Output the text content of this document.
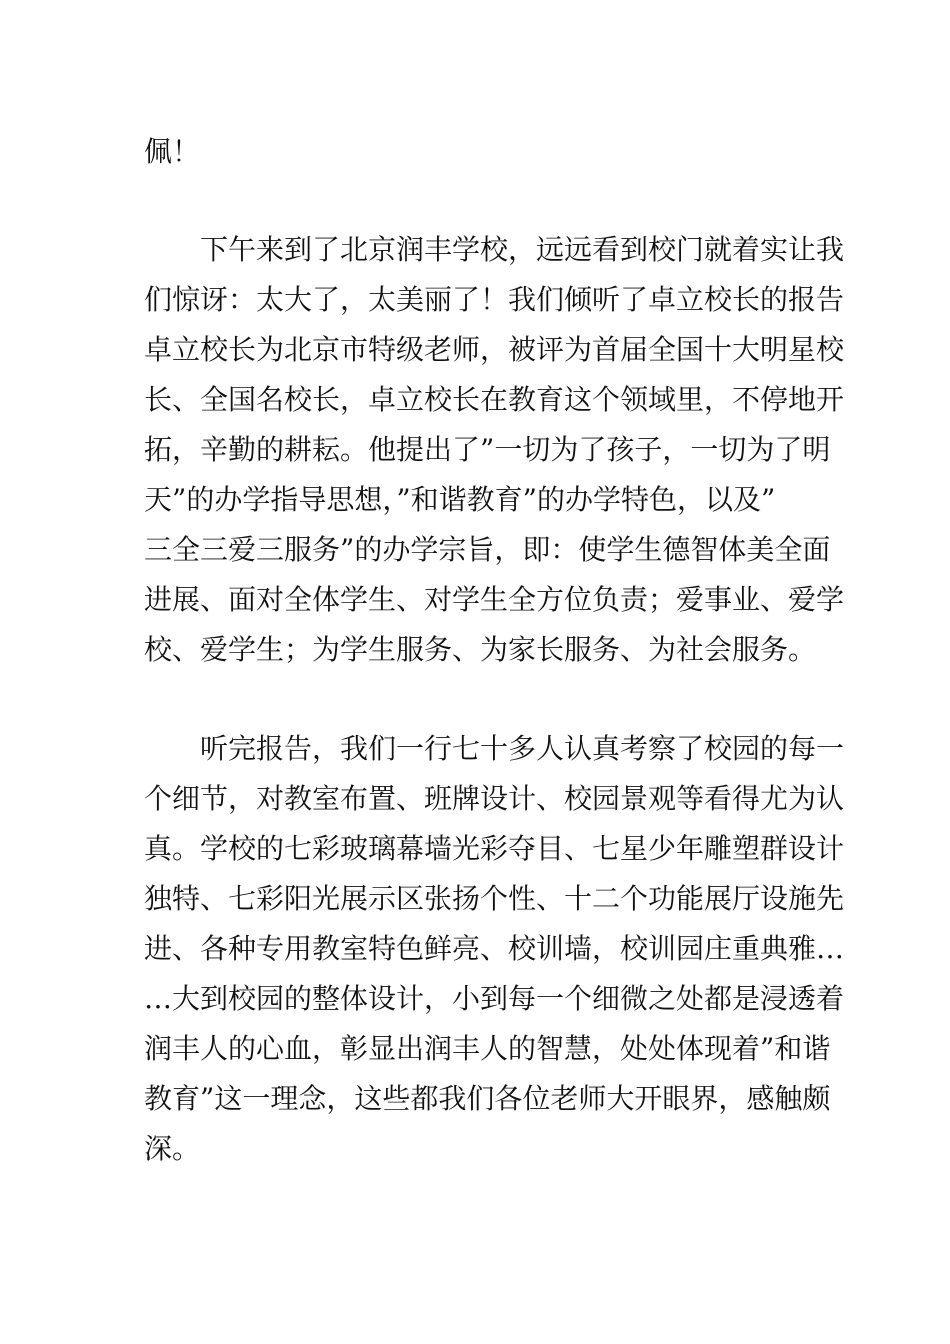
佩！
下午来到了北京润丰学校，远远看到校门就着实让我
们惊讶：太大了，太美丽了！我们倾听了卓立校长的报告
卓立校长为北京市特级老师，被评为首届全国十大明星校
长、全国名校长，卓立校长在教育这个领域里，不停地开
拓，辛勤的耕耘。他提出了”一切为了孩子，一切为了明
天”的办学指导思想，”和谐教育”的办学特色，以及”
三全三爱三服务”的办学宗旨，即：使学生德智体美全面
进展、面对全体学生、对学生全方位负责；爱事业、爱学
校、爱学生；为学生服务、为家长服务、为社会服务。
听完报告，我们一行七十多人认真考察了校园的每一
个细节，对教室布置、班牌设计、校园景观等看得尤为认
真。学校的七彩玻璃幕墙光彩夺目、七星少年雕塑群设计
独特、七彩阳光展示区张扬个性、十二个功能展厅设施先
进、各种专用教室特色鲜亮、校训墙，校训园庄重典雅…
…大到校园的整体设计，小到每一个细微之处都是浸透着
润丰人的心血，彰显出润丰人的智慧，处处体现着”和谐
教育”这一理念，这些都我们各位老师大开眼界，感触颇
深。
